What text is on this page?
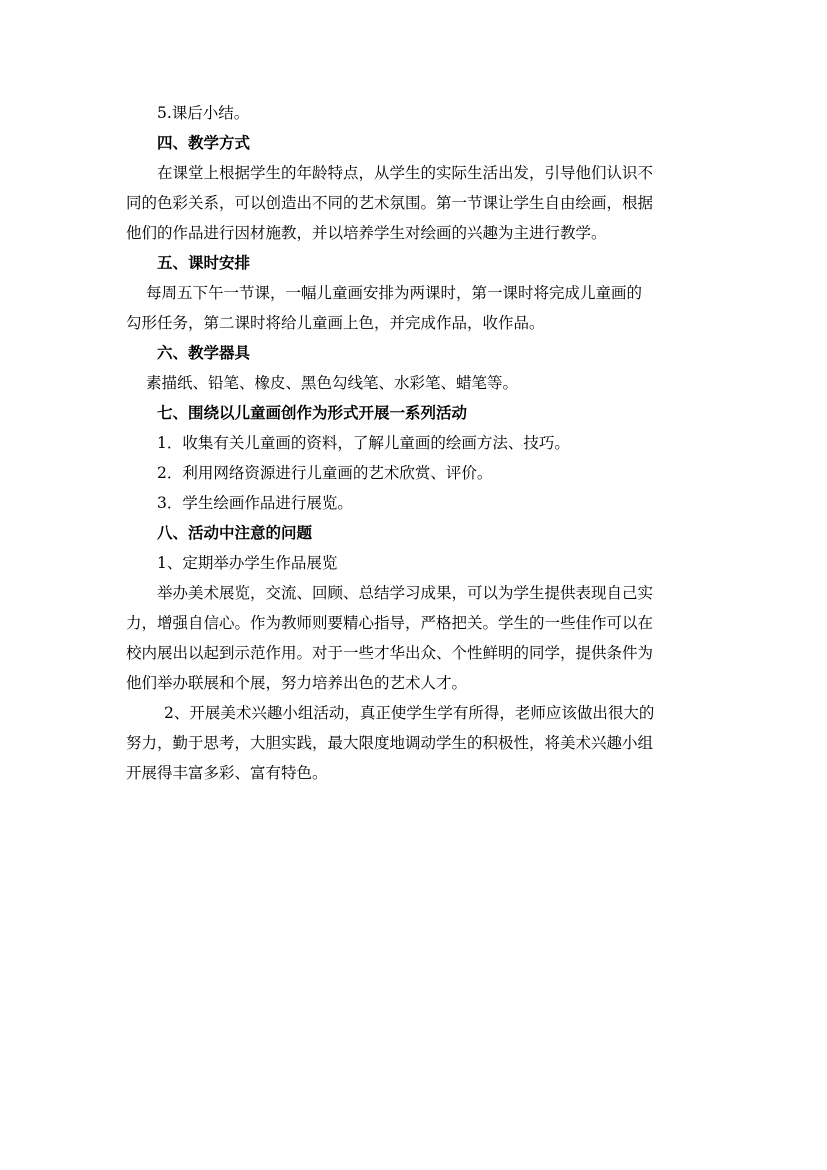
5.课后小结。
四、教学方式
在课堂上根据学生的年龄特点，从学生的实际生活出发，引导他们认识不
同的色彩关系，可以创造出不同的艺术氛围。第一节课让学生自由绘画，根据
他们的作品进行因材施教，并以培养学生对绘画的兴趣为主进行教学。
五、课时安排
每周五下午一节课，一幅儿童画安排为两课时，第一课时将完成儿童画的
勾形任务，第二课时将给儿童画上色，并完成作品，收作品。
六、教学器具
素描纸、铅笔、橡皮、黑色勾线笔、水彩笔、蜡笔等。
七、围绕以儿童画创作为形式开展一系列活动
1．收集有关儿童画的资料，了解儿童画的绘画方法、技巧。
2．利用网络资源进行儿童画的艺术欣赏、评价。
3．学生绘画作品进行展览。
八、活动中注意的问题
1、定期举办学生作品展览
举办美术展览，交流、回顾、总结学习成果，可以为学生提供表现自己实
力，增强自信心。作为教师则要精心指导，严格把关。学生的一些佳作可以在
校内展出以起到示范作用。对于一些才华出众、个性鲜明的同学，提供条件为
他们举办联展和个展，努力培养出色的艺术人才。
2、开展美术兴趣小组活动，真正使学生学有所得，老师应该做出很大的
努力，勤于思考，大胆实践，最大限度地调动学生的积极性，将美术兴趣小组
开展得丰富多彩、富有特色。
